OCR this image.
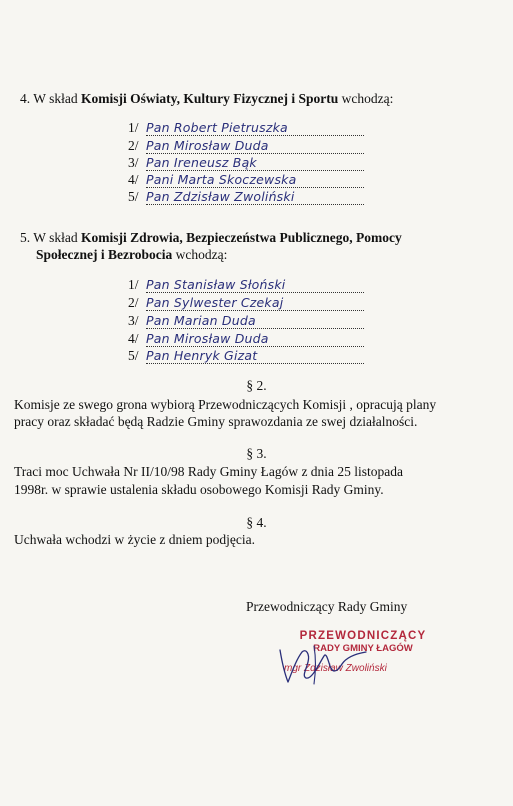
4. W skład Komisji Oświaty, Kultury Fizycznej i Sportu wchodzą:
1/ Pan Robert Pietruszka
2/ Pan Mirosław Duda
3/ Pan Ireneusz Bąk
4/ Pani Marta Skoczewska
5/ Pan Zdzisław Zwoliński
5. W skład Komisji Zdrowia, Bezpieczeństwa Publicznego, Pomocy
Społecznej i Bezrobocia wchodzą:
1/ Pan Stanisław Słoński
2/ Pan Sylwester Czekaj
3/ Pan Marian Duda
4/ Pan Mirosław Duda
5/ Pan Henryk Gizat
§ 2.
Komisje ze swego grona wybiorą Przewodniczących Komisji , opracują plany
pracy oraz składać będą Radzie Gminy sprawozdania ze swej działalności.
§ 3.
Traci moc Uchwała Nr II/10/98 Rady Gminy Łagów z dnia 25 listopada
1998r. w sprawie ustalenia składu osobowego Komisji Rady Gminy.
§ 4.
Uchwała wchodzi w życie z dniem podjęcia.
Przewodniczący Rady Gminy
PRZEWODNICZĄCY
RADY GMINY ŁAGÓW
mgr Zdzisław Zwoliński
